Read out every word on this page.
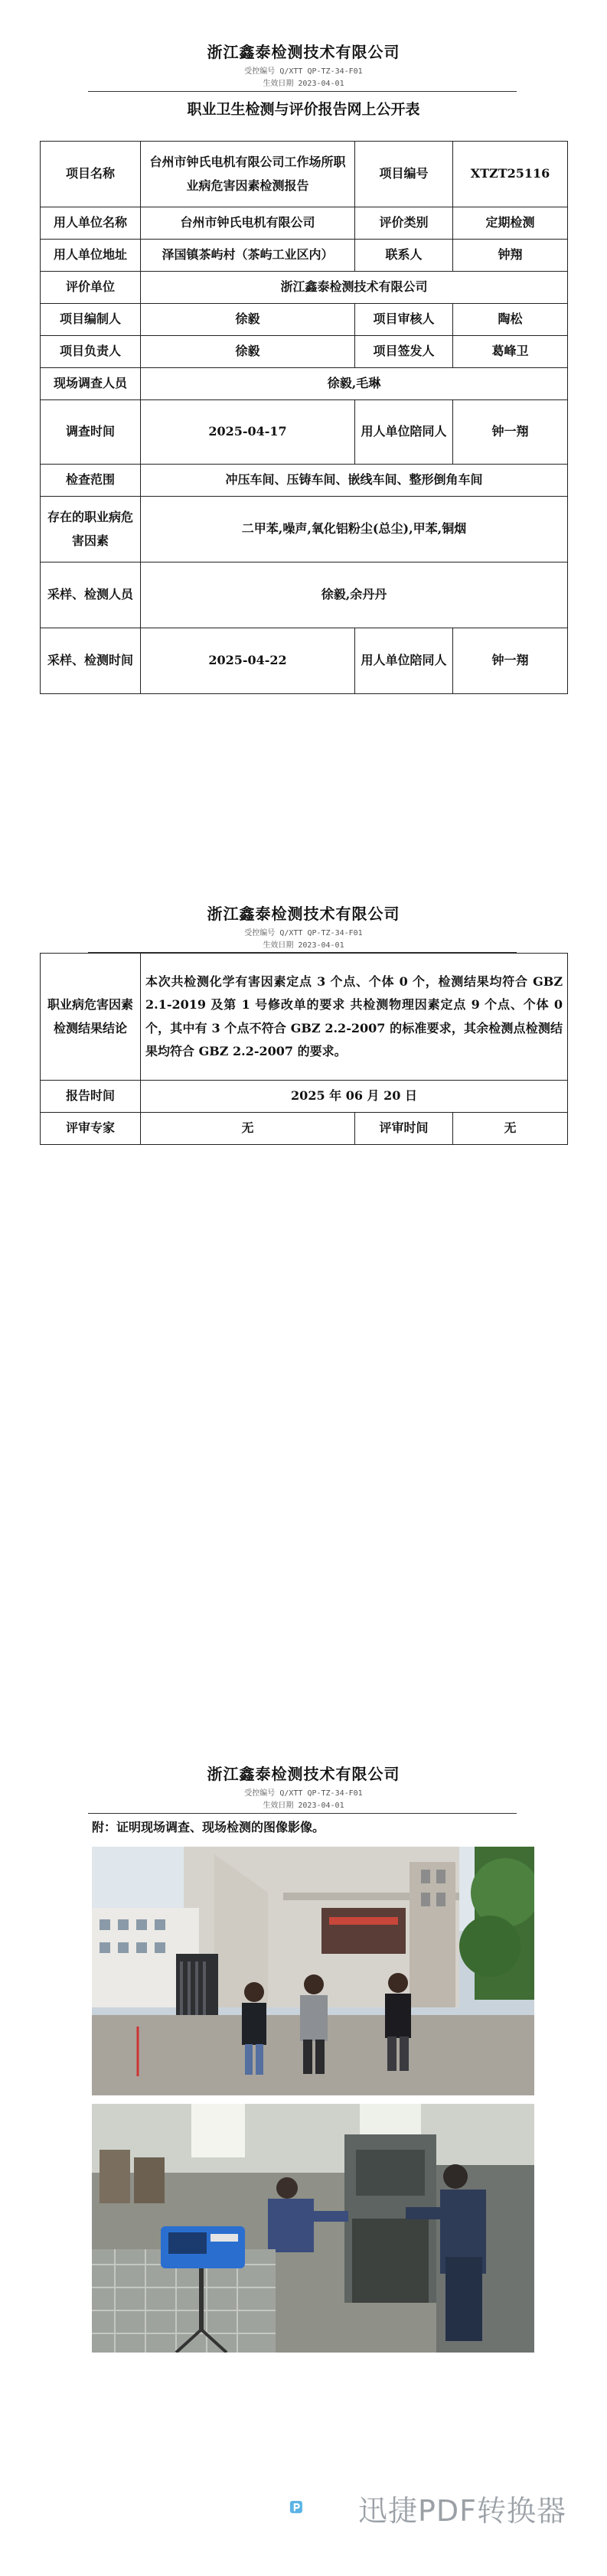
浙江鑫泰检测技术有限公司
受控编号 Q/XTT QP-TZ-34-F01
生效日期 2023-04-01
职业卫生检测与评价报告网上公开表
项目名称	台州市钟氏电机有限公司工作场所职业病危害因素检测报告	项目编号	XTZT25116
用人单位名称	台州市钟氏电机有限公司	评价类别	定期检测
用人单位地址	泽国镇茶屿村（茶屿工业区内）	联系人	钟翔
评价单位	浙江鑫泰检测技术有限公司		
项目编制人	徐毅	项目审核人	陶松
项目负责人	徐毅	项目签发人	葛峰卫
现场调查人员	徐毅,毛琳		
调查时间	2025-04-17	用人单位陪同人	钟一翔
检查范围	冲压车间、压铸车间、嵌线车间、整形倒角车间		
存在的职业病危害因素	二甲苯,噪声,氧化铝粉尘(总尘),甲苯,铜烟		
采样、检测人员	徐毅,余丹丹		
采样、检测时间	2025-04-22	用人单位陪同人	钟一翔
浙江鑫泰检测技术有限公司
受控编号 Q/XTT QP-TZ-34-F01
生效日期 2023-04-01
职业病危害因素检测结果结论	本次共检测化学有害因素定点 3 个点、个体 0 个，检测结果均符合 GBZ 2.1-2019 及第 1 号修改单的要求 共检测物理因素定点 9 个点、个体 0 个，其中有 3 个点不符合 GBZ 2.2-2007 的标准要求，其余检测点检测结果均符合 GBZ 2.2-2007 的要求。		
报告时间	2025 年 06 月 20 日		
评审专家	无	评审时间	无
浙江鑫泰检测技术有限公司
受控编号 Q/XTT QP-TZ-34-F01
生效日期 2023-04-01
附：证明现场调查、现场检测的图像影像。
迅捷PDF转换器
